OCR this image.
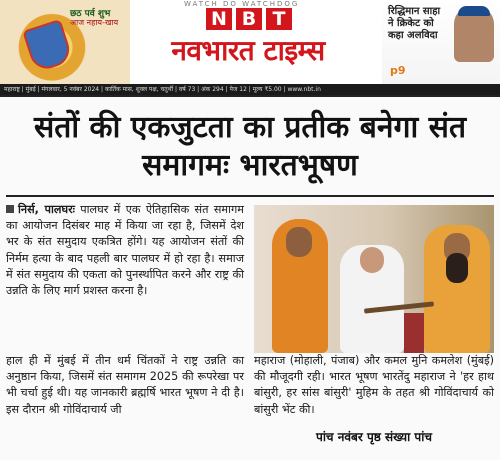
छठ पर्व शुभ
आज नहाय-खाय
WATCH DO WATCHDOG
N B T
नवभारत टाइम्स
रिद्धिमान साहा ने क्रिकेट को कहा अलविदा
p9
महाराष्ट्र | मुंबई | मंगलवार, 5 नवंबर 2024 | कार्तिक मास, शुक्ल पक्ष, चतुर्थी | वर्ष 73 | अंक 294 | पेज 12 | मूल्य ₹5.00 | www.nbt.in
संतों की एकजुटता का प्रतीक बनेगा संत समागमः भारतभूषण
निर्स, पालघरः पालघर में एक ऐतिहासिक संत समागम का आयोजन दिसंबर माह में किया जा रहा है, जिसमें देश भर के संत समुदाय एकत्रित होंगे। यह आयोजन संतों की निर्मम हत्या के बाद पहली बार पालघर में हो रहा है। समाज में संत समुदाय की एकता को पुनर्स्थापित करने और राष्ट्र की उन्नति के लिए मार्ग प्रशस्त करना है।
हाल ही में मुंबई में तीन धर्म चिंतकों ने राष्ट्र उन्नति का अनुष्ठान किया, जिसमें संत समागम 2025 की रूपरेखा पर भी चर्चा हुई थी। यह जानकारी ब्रह्मर्षि भारत भूषण ने दी है। इस दौरान श्री गोविंदाचार्य जी
महाराज (मोहाली, पंजाब) और कमल मुनि कमलेश (मुंबई) की मौजूदगी रही। भारत भूषण भारतेंदु महाराज ने 'हर हाथ बांसुरी, हर सांस बांसुरी' मुहिम के तहत श्री गोविंदाचार्य को बांसुरी भेंट की।
पांच नवंबर पृष्ठ संख्या पांच
